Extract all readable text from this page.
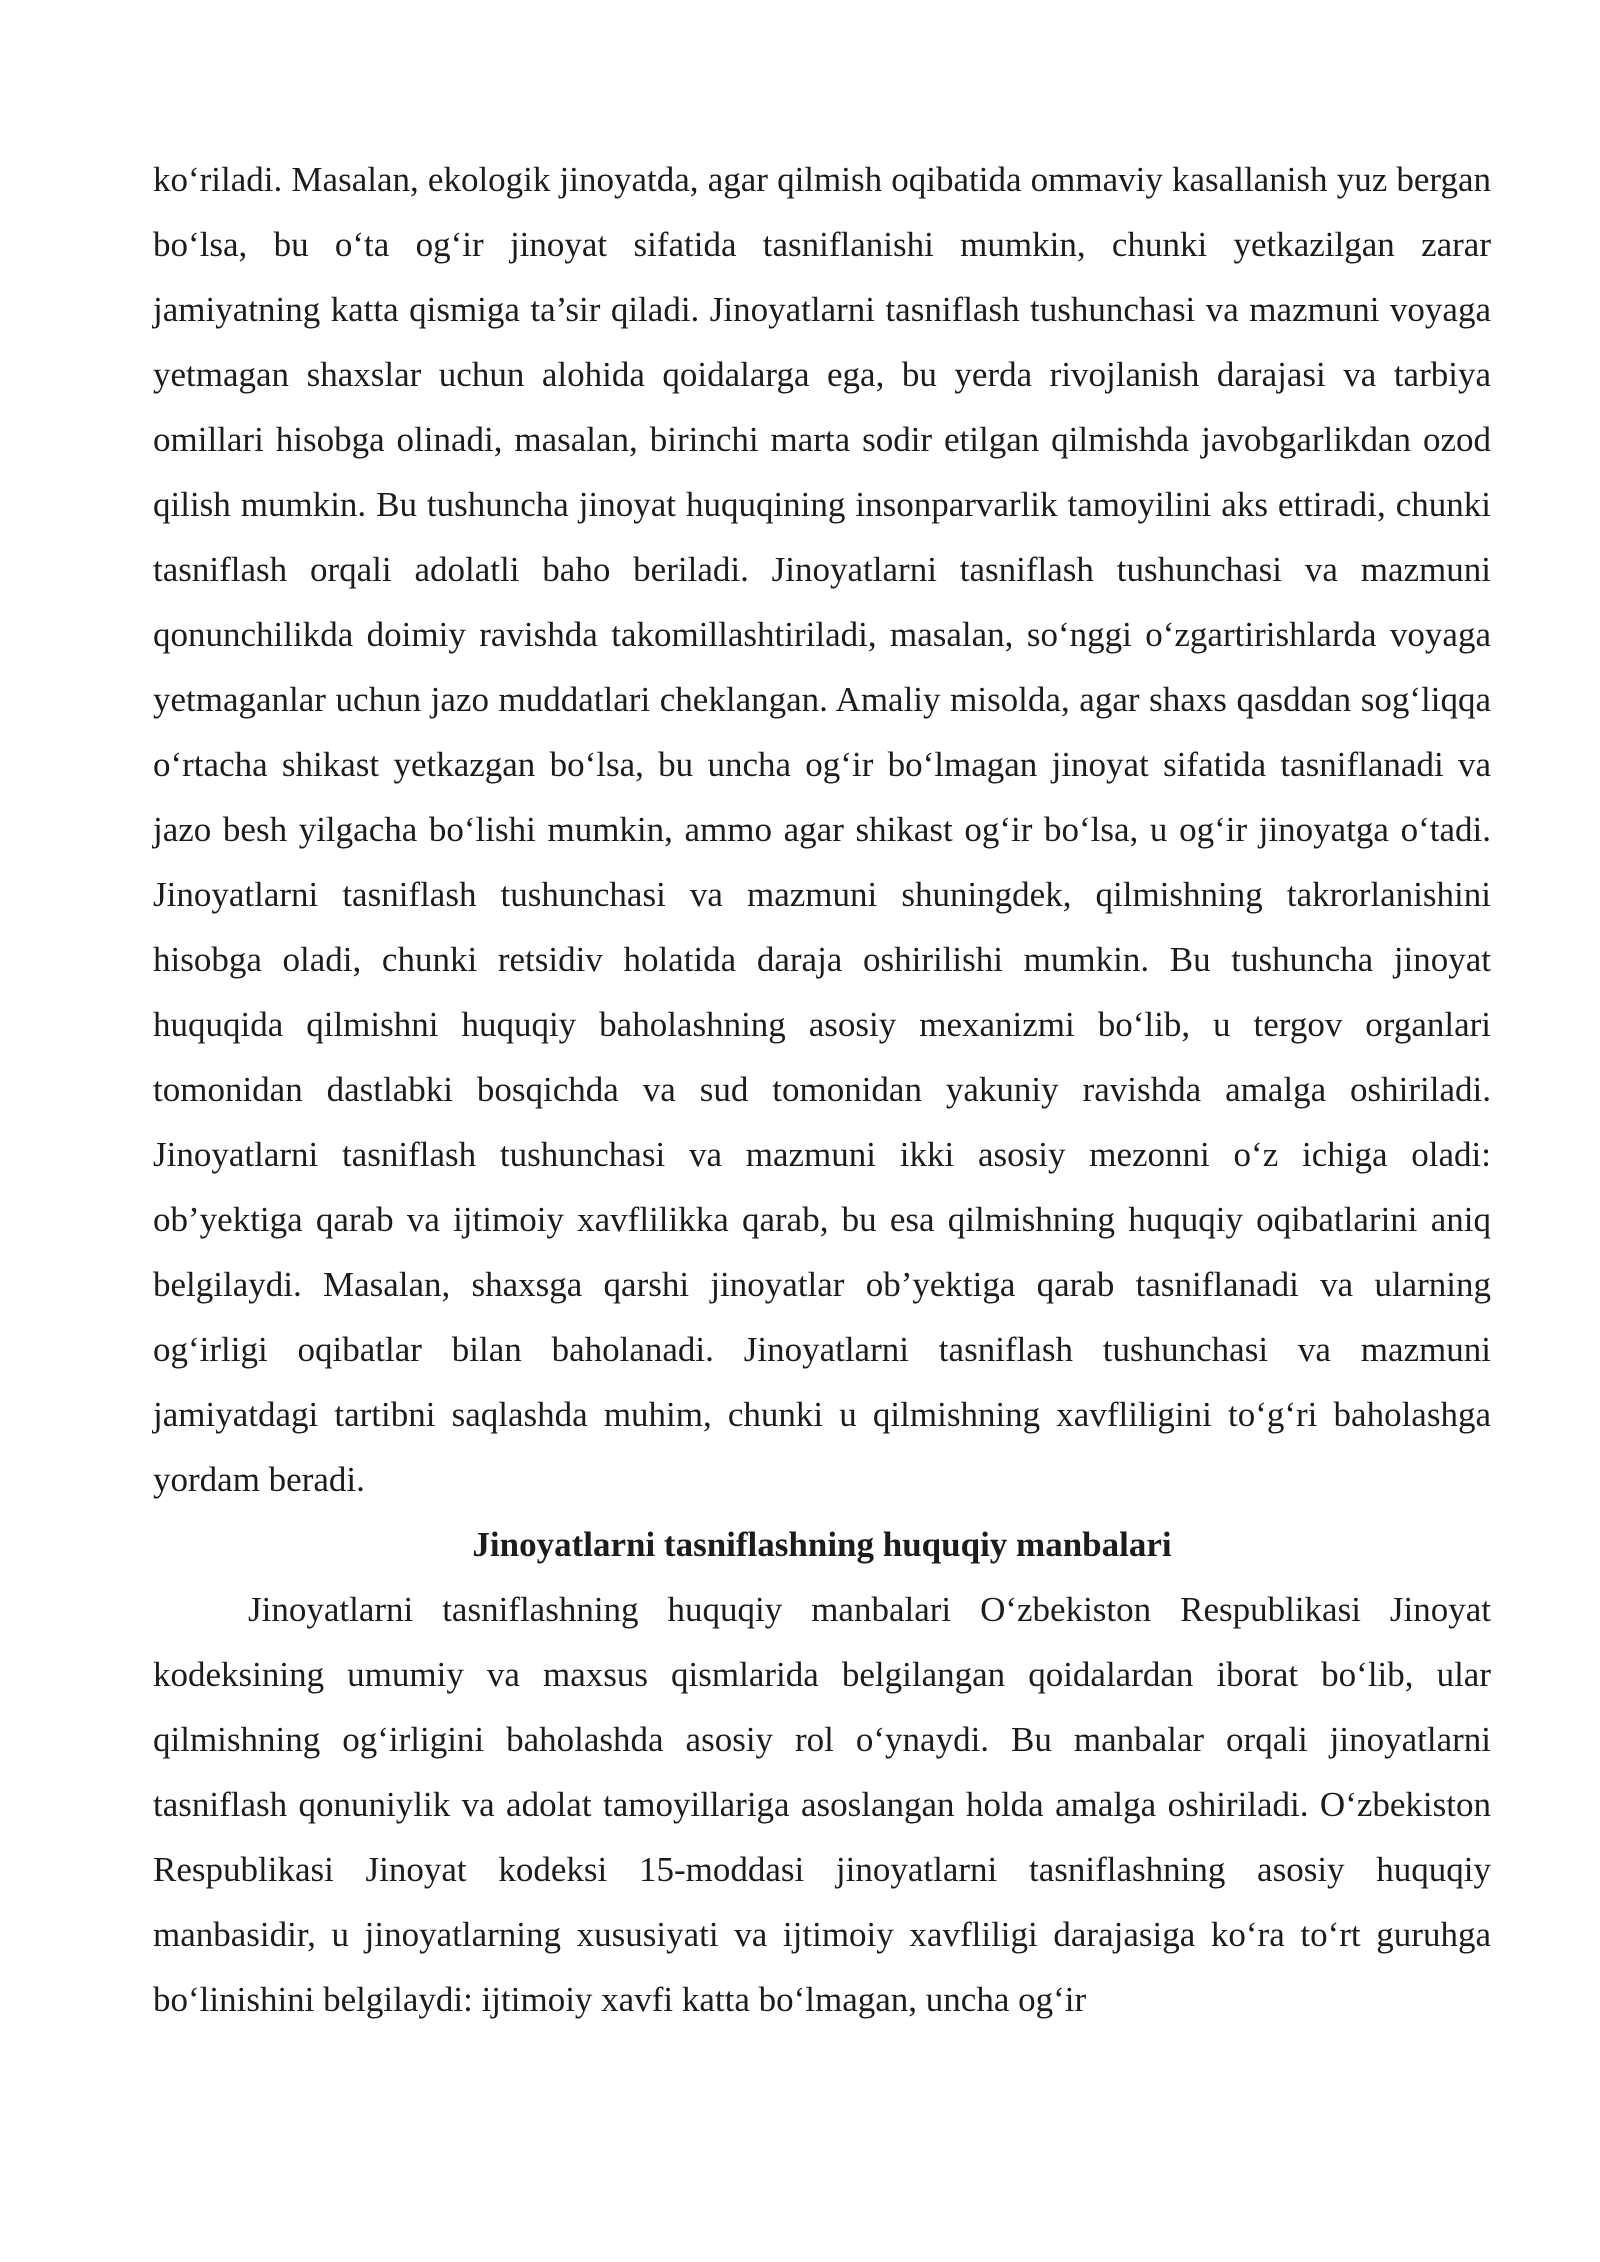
ko‘riladi. Masalan, ekologik jinoyatda, agar qilmish oqibatida ommaviy kasallanish yuz bergan bo‘lsa, bu o‘ta og‘ir jinoyat sifatida tasniflanishi mumkin, chunki yetkazilgan zarar jamiyatning katta qismiga ta’sir qiladi. Jinoyatlarni tasniflash tushunchasi va mazmuni voyaga yetmagan shaxslar uchun alohida qoidalarga ega, bu yerda rivojlanish darajasi va tarbiya omillari hisobga olinadi, masalan, birinchi marta sodir etilgan qilmishda javobgarlikdan ozod qilish mumkin. Bu tushuncha jinoyat huquqining insonparvarlik tamoyilini aks ettiradi, chunki tasniflash orqali adolatli baho beriladi. Jinoyatlarni tasniflash tushunchasi va mazmuni qonunchilikda doimiy ravishda takomillashtiriladi, masalan, so‘nggi o‘zgartirishlarda voyaga yetmaganlar uchun jazo muddatlari cheklangan. Amaliy misolda, agar shaxs qasddan sog‘liqqa o‘rtacha shikast yetkazgan bo‘lsa, bu uncha og‘ir bo‘lmagan jinoyat sifatida tasniflanadi va jazo besh yilgacha bo‘lishi mumkin, ammo agar shikast og‘ir bo‘lsa, u og‘ir jinoyatga o‘tadi. Jinoyatlarni tasniflash tushunchasi va mazmuni shuningdek, qilmishning takrorlanishini hisobga oladi, chunki retsidiv holatida daraja oshirilishi mumkin. Bu tushuncha jinoyat huquqida qilmishni huquqiy baholashning asosiy mexanizmi bo‘lib, u tergov organlari tomonidan dastlabki bosqichda va sud tomonidan yakuniy ravishda amalga oshiriladi. Jinoyatlarni tasniflash tushunchasi va mazmuni ikki asosiy mezonni o‘z ichiga oladi: ob’yektiga qarab va ijtimoiy xavflilikka qarab, bu esa qilmishning huquqiy oqibatlarini aniq belgilaydi. Masalan, shaxsga qarshi jinoyatlar ob’yektiga qarab tasniflanadi va ularning og‘irligi oqibatlar bilan baholanadi. Jinoyatlarni tasniflash tushunchasi va mazmuni jamiyatdagi tartibni saqlashda muhim, chunki u qilmishning xavfliligini to‘g‘ri baholashga yordam beradi.

Jinoyatlarni tasniflashning huquqiy manbalari

Jinoyatlarni tasniflashning huquqiy manbalari O‘zbekiston Respublikasi Jinoyat kodeksining umumiy va maxsus qismlarida belgilangan qoidalardan iborat bo‘lib, ular qilmishning og‘irligini baholashda asosiy rol o‘ynaydi. Bu manbalar orqali jinoyatlarni tasniflash qonuniylik va adolat tamoyillariga asoslangan holda amalga oshiriladi. O‘zbekiston Respublikasi Jinoyat kodeksi 15-moddasi jinoyatlarni tasniflashning asosiy huquqiy manbasidir, u jinoyatlarning xususiyati va ijtimoiy xavfliligi darajasiga ko‘ra to‘rt guruhga bo‘linishini belgilaydi: ijtimoiy xavfi katta bo‘lmagan, uncha og‘ir
